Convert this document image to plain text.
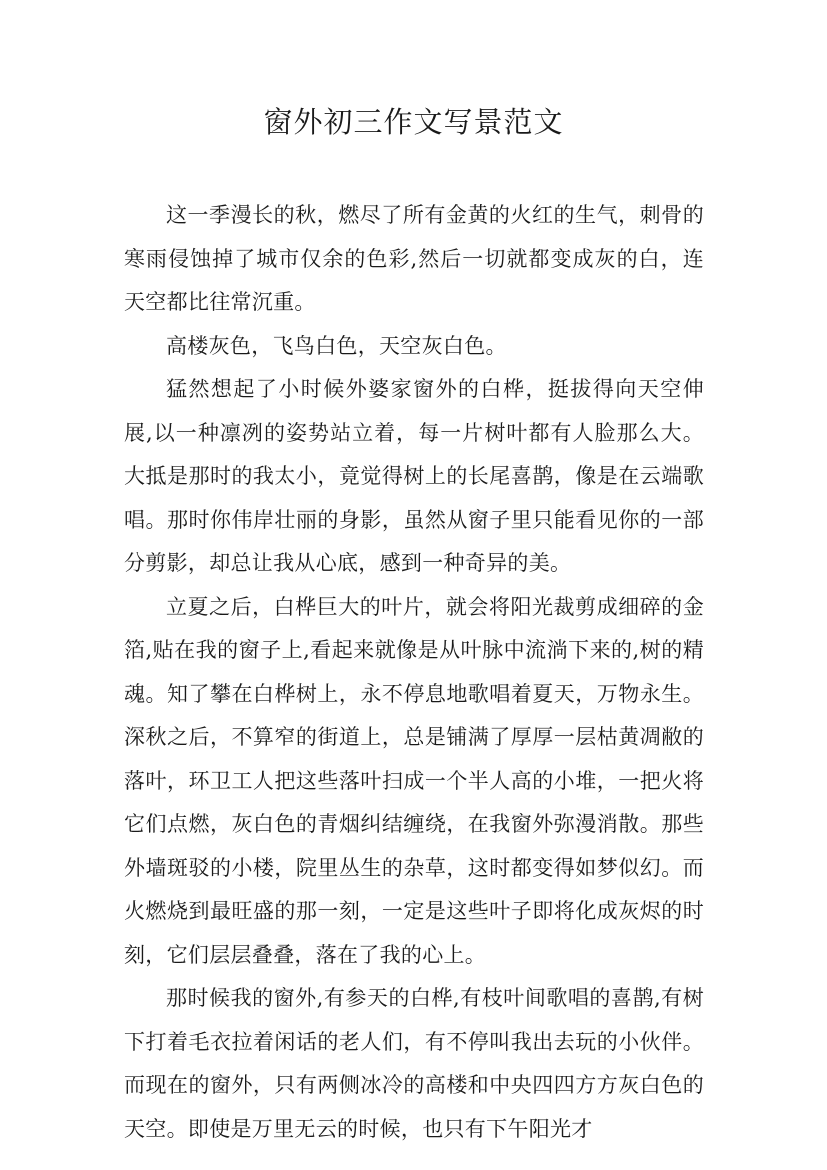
窗外初三作文写景范文

这一季漫长的秋，燃尽了所有金黄的火红的生气，刺骨的寒雨侵蚀掉了城市仅余的色彩,然后一切就都变成灰的白，连天空都比往常沉重。

高楼灰色，飞鸟白色，天空灰白色。

猛然想起了小时候外婆家窗外的白桦，挺拔得向天空伸展,以一种凛冽的姿势站立着，每一片树叶都有人脸那么大。大抵是那时的我太小，竟觉得树上的长尾喜鹊，像是在云端歌唱。那时你伟岸壮丽的身影，虽然从窗子里只能看见你的一部分剪影，却总让我从心底，感到一种奇异的美。

立夏之后，白桦巨大的叶片，就会将阳光裁剪成细碎的金箔,贴在我的窗子上,看起来就像是从叶脉中流淌下来的,树的精魂。知了攀在白桦树上，永不停息地歌唱着夏天，万物永生。深秋之后，不算窄的街道上，总是铺满了厚厚一层枯黄凋敝的落叶，环卫工人把这些落叶扫成一个半人高的小堆，一把火将它们点燃，灰白色的青烟纠结缠绕，在我窗外弥漫消散。那些外墙斑驳的小楼，院里丛生的杂草，这时都变得如梦似幻。而火燃烧到最旺盛的那一刻，一定是这些叶子即将化成灰烬的时刻，它们层层叠叠，落在了我的心上。

那时候我的窗外,有参天的白桦,有枝叶间歌唱的喜鹊,有树下打着毛衣拉着闲话的老人们，有不停叫我出去玩的小伙伴。而现在的窗外，只有两侧冰冷的高楼和中央四四方方灰白色的天空。即使是万里无云的时候，也只有下午阳光才
